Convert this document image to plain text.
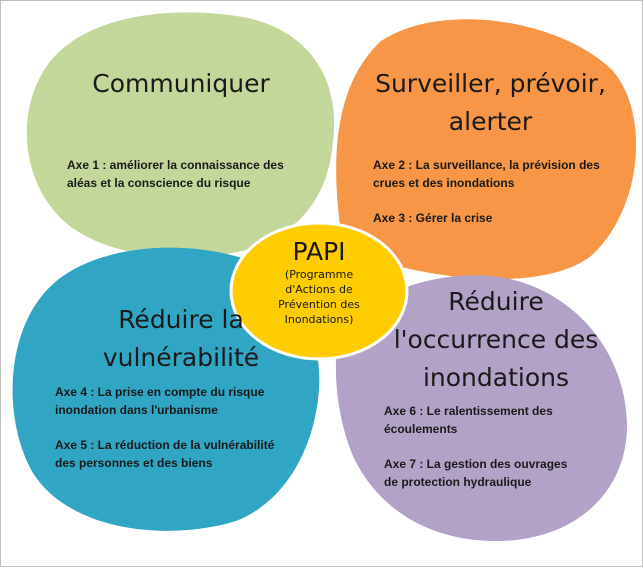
Communiquer

Axe 1 : améliorer la connaissance des

aléas et la conscience du risque

Surveiller, prévoir,
alerter

Axe 2 : La surveillance, la prévision des

crues et des inondations

Axe 3 : Gérer la crise

Réduire la
vulnérabilité

Axe 4 : La prise en compte du risque

inondation dans l'urbanisme

Axe 5 : La réduction de la vulnérabilité

des personnes et des biens

Réduire
l'occurrence des
inondations

Axe 6 : Le ralentissement des

écoulements

Axe 7 : La gestion des ouvrages

de protection hydraulique

PAPI
(Programme
d'Actions de
Prévention des
Inondations)
